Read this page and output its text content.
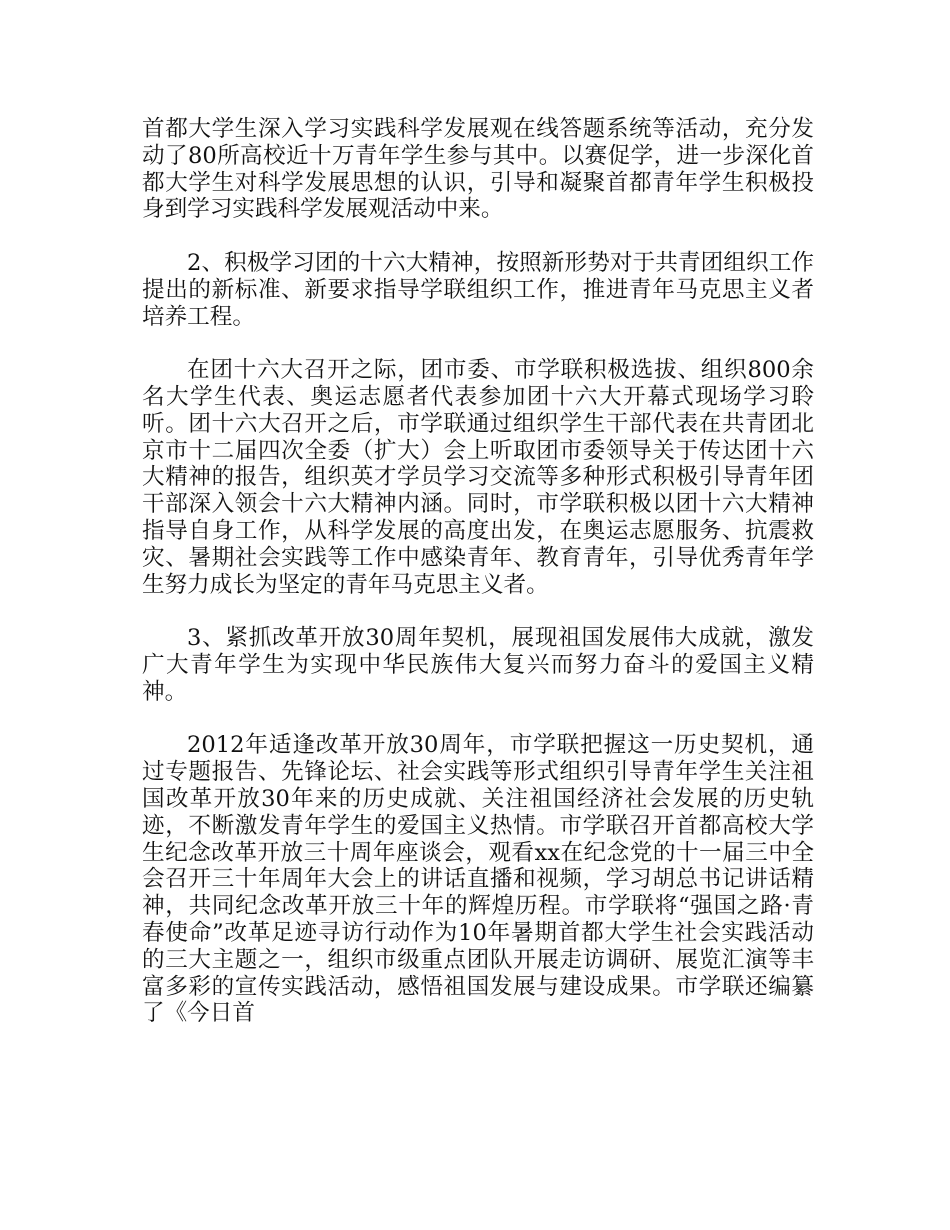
首都大学生深入学习实践科学发展观在线答题系统等活动，充分发动了80所高校近十万青年学生参与其中。以赛促学，进一步深化首都大学生对科学发展思想的认识，引导和凝聚首都青年学生积极投身到学习实践科学发展观活动中来。

2、积极学习团的十六大精神，按照新形势对于共青团组织工作提出的新标准、新要求指导学联组织工作，推进青年马克思主义者培养工程。

在团十六大召开之际，团市委、市学联积极选拔、组织800余名大学生代表、奥运志愿者代表参加团十六大开幕式现场学习聆听。团十六大召开之后，市学联通过组织学生干部代表在共青团北京市十二届四次全委（扩大）会上听取团市委领导关于传达团十六大精神的报告，组织英才学员学习交流等多种形式积极引导青年团干部深入领会十六大精神内涵。同时，市学联积极以团十六大精神指导自身工作，从科学发展的高度出发，在奥运志愿服务、抗震救灾、暑期社会实践等工作中感染青年、教育青年，引导优秀青年学生努力成长为坚定的青年马克思主义者。

3、紧抓改革开放30周年契机，展现祖国发展伟大成就，激发广大青年学生为实现中华民族伟大复兴而努力奋斗的爱国主义精神。

2012年适逢改革开放30周年，市学联把握这一历史契机，通过专题报告、先锋论坛、社会实践等形式组织引导青年学生关注祖国改革开放30年来的历史成就、关注祖国经济社会发展的历史轨迹，不断激发青年学生的爱国主义热情。市学联召开首都高校大学生纪念改革开放三十周年座谈会，观看xx在纪念党的十一届三中全会召开三十年周年大会上的讲话直播和视频，学习胡总书记讲话精神，共同纪念改革开放三十年的辉煌历程。市学联将“强国之路·青春使命”改革足迹寻访行动作为10年暑期首都大学生社会实践活动的三大主题之一，组织市级重点团队开展走访调研、展览汇演等丰富多彩的宣传实践活动，感悟祖国发展与建设成果。市学联还编纂了《今日首
